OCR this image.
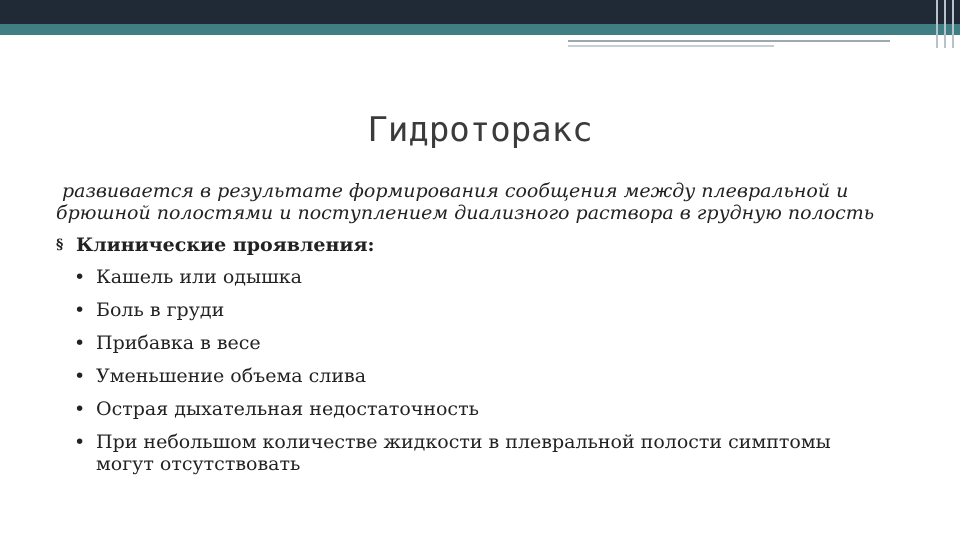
Гидроторакс

развивается в результате формирования сообщения между плевральной и
брюшной полостями и поступлением диализного раствора в грудную полость

§ Клинические проявления:

• Кашель или одышка
• Боль в груди
• Прибавка в весе
• Уменьшение объема слива
• Острая дыхательная недостаточность
• При небольшом количестве жидкости в плевральной полости симптомы могут отсутствовать
